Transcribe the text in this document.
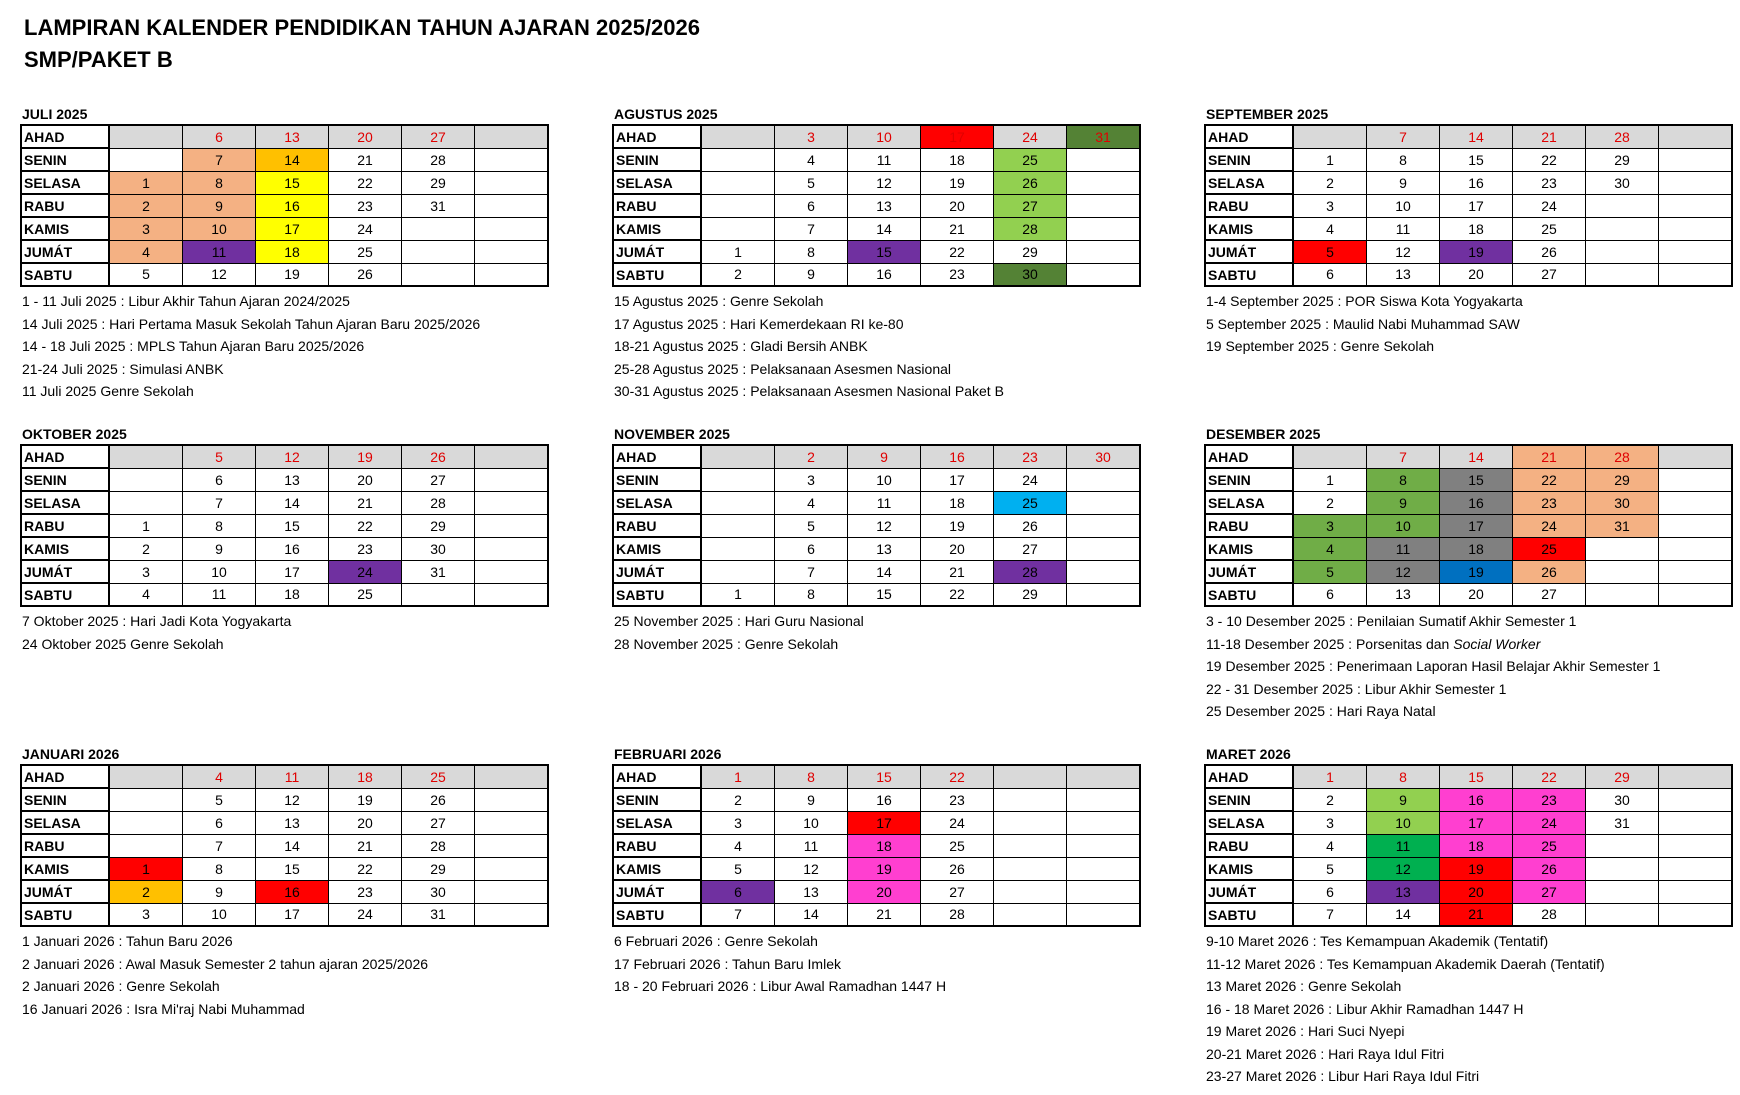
LAMPIRAN KALENDER PENDIDIKAN TAHUN AJARAN 2025/2026
SMP/PAKET B
JULI 2025
AHAD		6	13	20	27	
SENIN		7	14	21	28	
SELASA	1	8	15	22	29	
RABU	2	9	16	23	31	
KAMIS	3	10	17	24		
JUMÁT	4	11	18	25		
SABTU	5	12	19	26		
1 - 11 Juli 2025 : Libur Akhir Tahun Ajaran 2024/2025
14 Juli 2025 : Hari Pertama Masuk Sekolah Tahun Ajaran Baru 2025/2026
14 - 18 Juli 2025 : MPLS Tahun Ajaran Baru 2025/2026
21-24 Juli 2025 : Simulasi ANBK
11 Juli 2025 Genre Sekolah
AGUSTUS 2025
AHAD		3	10	17	24	31
SENIN		4	11	18	25	
SELASA		5	12	19	26	
RABU		6	13	20	27	
KAMIS		7	14	21	28	
JUMÁT	1	8	15	22	29	
SABTU	2	9	16	23	30	
15 Agustus 2025 : Genre Sekolah
17 Agustus 2025 : Hari Kemerdekaan RI ke-80
18-21 Agustus 2025 : Gladi Bersih ANBK
25-28 Agustus 2025 : Pelaksanaan Asesmen Nasional
30-31 Agustus 2025 : Pelaksanaan Asesmen Nasional Paket B
SEPTEMBER 2025
AHAD		7	14	21	28	
SENIN	1	8	15	22	29	
SELASA	2	9	16	23	30	
RABU	3	10	17	24		
KAMIS	4	11	18	25		
JUMÁT	5	12	19	26		
SABTU	6	13	20	27		
1-4 September 2025 : POR Siswa Kota Yogyakarta
5 September 2025 : Maulid Nabi Muhammad SAW
19 September 2025 : Genre Sekolah
OKTOBER 2025
AHAD		5	12	19	26	
SENIN		6	13	20	27	
SELASA		7	14	21	28	
RABU	1	8	15	22	29	
KAMIS	2	9	16	23	30	
JUMÁT	3	10	17	24	31	
SABTU	4	11	18	25		
7 Oktober 2025 : Hari Jadi Kota Yogyakarta
24 Oktober 2025 Genre Sekolah
NOVEMBER 2025
AHAD		2	9	16	23	30
SENIN		3	10	17	24	
SELASA		4	11	18	25	
RABU		5	12	19	26	
KAMIS		6	13	20	27	
JUMÁT		7	14	21	28	
SABTU	1	8	15	22	29	
25 November 2025 : Hari Guru Nasional
28 November 2025 : Genre Sekolah
DESEMBER 2025
AHAD		7	14	21	28	
SENIN	1	8	15	22	29	
SELASA	2	9	16	23	30	
RABU	3	10	17	24	31	
KAMIS	4	11	18	25		
JUMÁT	5	12	19	26		
SABTU	6	13	20	27		
3 - 10 Desember 2025 : Penilaian Sumatif Akhir Semester 1
11-18 Desember 2025 : Porsenitas dan Social Worker
19 Desember 2025 : Penerimaan Laporan Hasil Belajar Akhir Semester 1
22 - 31 Desember 2025 : Libur Akhir Semester 1
25 Desember 2025 : Hari Raya Natal
JANUARI 2026
AHAD		4	11	18	25	
SENIN		5	12	19	26	
SELASA		6	13	20	27	
RABU		7	14	21	28	
KAMIS	1	8	15	22	29	
JUMÁT	2	9	16	23	30	
SABTU	3	10	17	24	31	
1 Januari 2026 : Tahun Baru 2026
2 Januari 2026 : Awal Masuk Semester 2 tahun ajaran 2025/2026
2 Januari 2026 : Genre Sekolah
16 Januari 2026 : Isra Mi'raj Nabi Muhammad
FEBRUARI 2026
AHAD	1	8	15	22		
SENIN	2	9	16	23		
SELASA	3	10	17	24		
RABU	4	11	18	25		
KAMIS	5	12	19	26		
JUMÁT	6	13	20	27		
SABTU	7	14	21	28		
6 Februari 2026 : Genre Sekolah
17 Februari 2026 : Tahun Baru Imlek
18 - 20 Februari 2026 : Libur Awal Ramadhan 1447 H
MARET 2026
AHAD	1	8	15	22	29	
SENIN	2	9	16	23	30	
SELASA	3	10	17	24	31	
RABU	4	11	18	25		
KAMIS	5	12	19	26		
JUMÁT	6	13	20	27		
SABTU	7	14	21	28		
9-10 Maret 2026 : Tes Kemampuan Akademik (Tentatif)
11-12 Maret 2026 : Tes Kemampuan Akademik Daerah (Tentatif)
13 Maret 2026 : Genre Sekolah
16 - 18 Maret 2026 : Libur Akhir Ramadhan 1447 H
19 Maret 2026 : Hari Suci Nyepi
20-21 Maret 2026 : Hari Raya Idul Fitri
23-27 Maret 2026 : Libur Hari Raya Idul Fitri
